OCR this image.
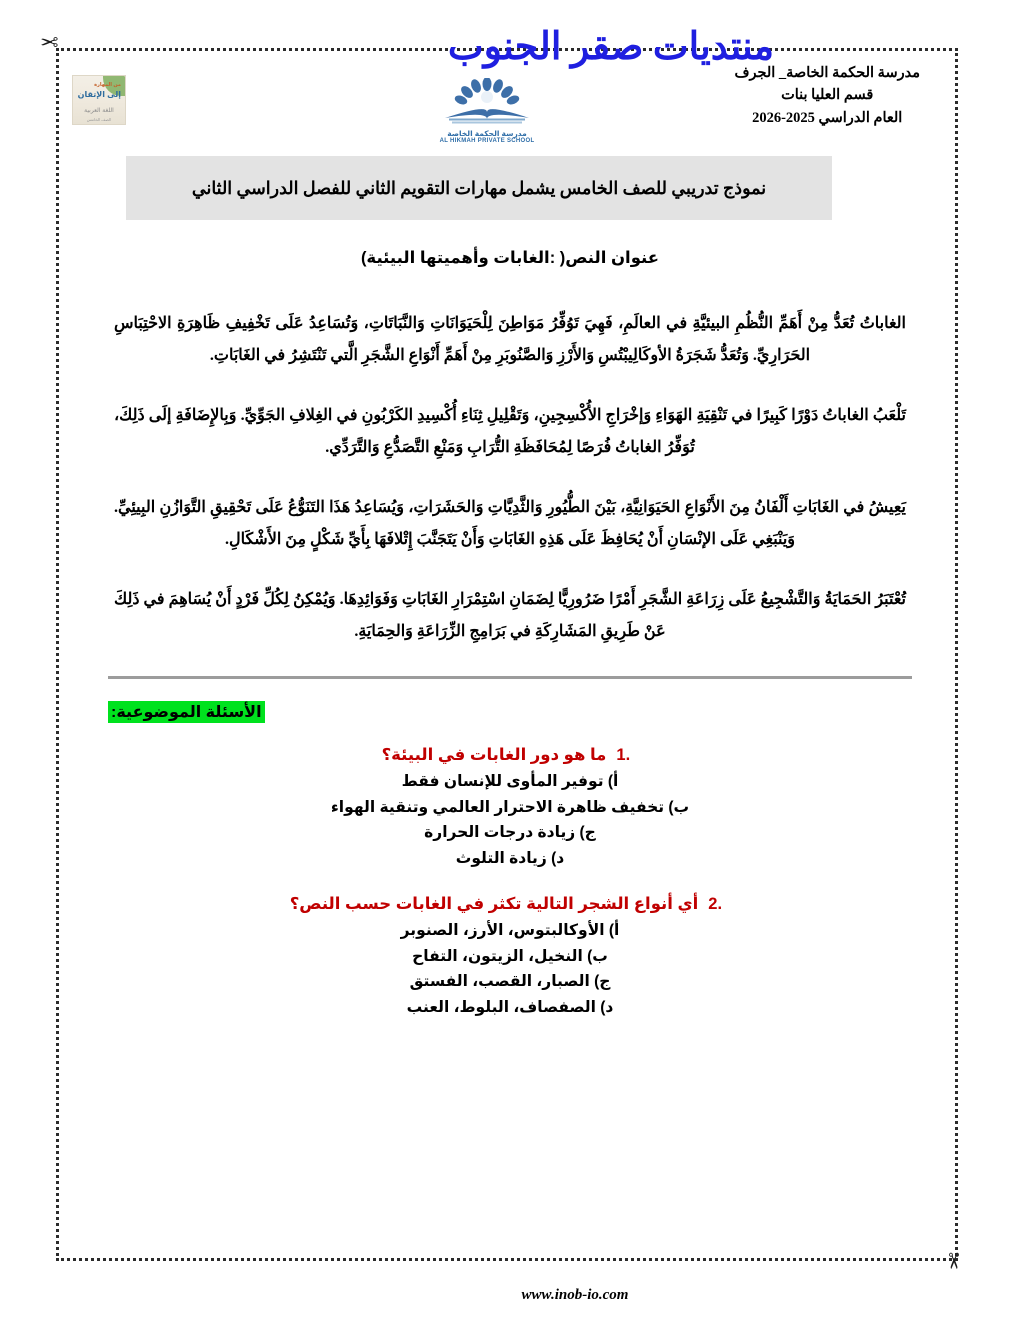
✂
✂
منتديات صقر الجنوب
من المهارة
إلى الإتقان
اللغة العربية
الصف الخامس
مدرسة الحكمة الخاصة
AL HIKMAH PRIVATE SCHOOL
مدرسة الحكمة الخاصة_ الجرف
قسم العليا بنات
العام الدراسي 2025-2026
نموذج تدريبي للصف الخامس يشمل مهارات التقويم الثاني للفصل الدراسي الثاني
عنوان النص( :الغابات وأهميتها البيئية)

الغاباتُ تُعَدُّ مِنْ أَهَمِّ النُّظُمِ البيئيَّةِ في العالَمِ، فَهِيَ تَوُفِّرُ مَوَاطِنَ لِلْحَيَوَانَاتِ وَالنَّبَاتَاتِ، وَتُسَاعِدُ عَلَى تَخْفِيفِ ظَاهِرَةِ الاحْتِبَاسِ الحَرَارِيِّ. وَتُعَدُّ شَجَرَةُ الأوكَالِيبْتُسِ وَالأَرْزِ وَالصَّنُوبَرِ مِنْ أَهَمِّ أَنْوَاعِ الشَّجَرِ الَّتي تَنْتَشِرُ في الغَابَاتِ.

تَلْعَبُ الغاباتُ دَوْرًا كَبِيرًا في تَنْقِيَةِ الهَوَاءِ وَإخْرَاجِ الأُكْسِجِينِ، وَتَقْلِيلِ ثِنَاءِ أُكْسِيدِ الكَرْبُونِ في الغِلافِ الجَوِّيِّ. وَبِالإِضَافَةِ إلَى ذَلِكَ، تُوَفِّرُ الغاباتُ فُرَصًا لِمُحَافَظَةِ التُّرَابِ وَمَنْعِ التَّصَدُّعِ وَالتَّرَدِّي.

يَعِيشُ في الغَابَاتِ أَلْفَانُ مِنَ الأَنْوَاعِ الحَيَوَانِيَّةِ، بَيْنَ الطُّيُورِ وَالثَّدِيَّاتِ وَالحَشَرَاتِ، وَيُسَاعِدُ هَذَا التَنَوُّعُ عَلَى تَحْقِيقِ التَّوَازُنِ البِيئِيِّ. وَيَنْبَغِي عَلَى الإنْسَانِ أَنْ يُحَافِظَ عَلَى هَذِهِ الغَابَاتِ وَأَنْ يَتَجَنَّبَ إِتْلافَهَا بِأَيِّ شَكْلٍ مِنَ الأَشْكَالِ.

تُعْتَبَرُ الحَمَايَةُ وَالتَّشْجِيعُ عَلَى زِرَاعَةِ الشَّجَرِ أَمْرًا ضَرُورِيًّا لِضَمَانِ اسْتِمْرَارِ الغَابَاتِ وَفَوَائِدِهَا. وَيُمْكِنُ لِكُلِّ فَرْدٍ أَنْ يُسَاهِمَ في ذَلِكَ عَنْ طَرِيقِ المَشَارِكَةِ في بَرَامِجِ الزِّرَاعَةِ وَالحِمَايَةِ.

الأسئلة الموضوعية:
1.
ما هو دور الغابات في البيئة؟
أ) توفير المأوى للإنسان فقط
ب) تخفيف ظاهرة الاحترار العالمي وتنقية الهواء
ج) زيادة درجات الحرارة
د) زيادة التلوث
2.
أي أنواع الشجر التالية تكثر في الغابات حسب النص؟
أ) الأوكالبتوس، الأرز، الصنوبر
ب) النخيل، الزيتون، التفاح
ج) الصبار، القصب، الفستق
د) الصفصاف، البلوط، العنب
www.inob-io.com
